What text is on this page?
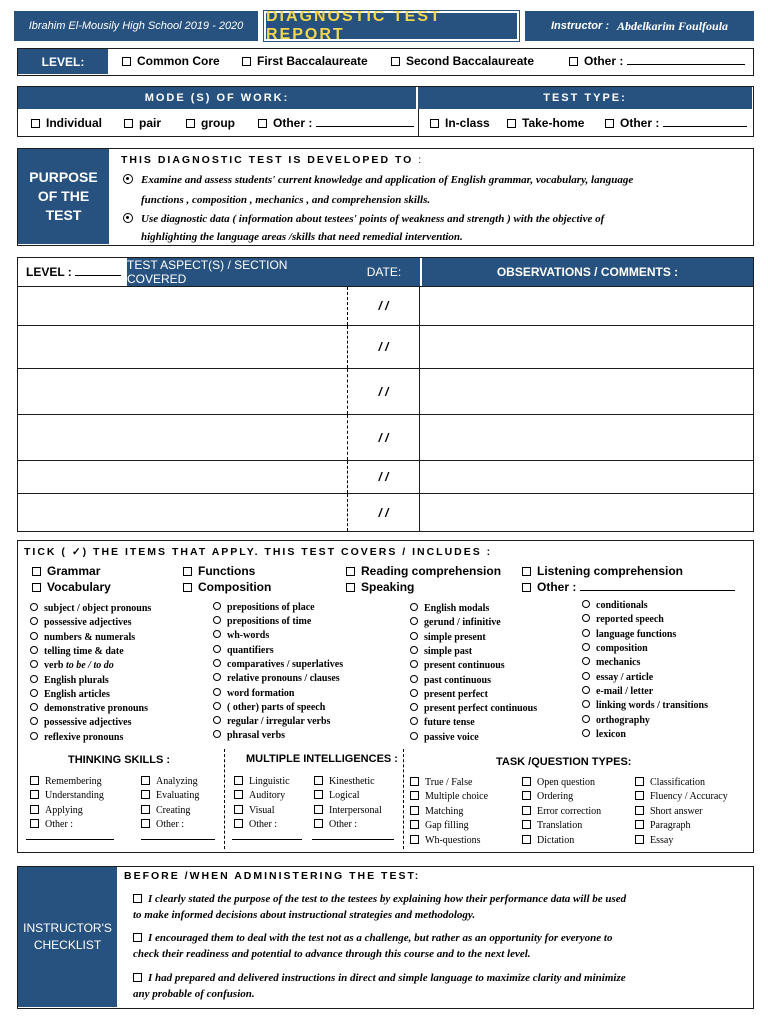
Ibrahim El-Mousily High School 2019 - 2020
DIAGNOSTIC TEST REPORT	Instructor : Abdelkarim Foulfoula
LEVEL:	Common Core	First Baccalaureate	Second Baccalaureate	Other :
MODE (S) OF WORK:	TEST TYPE:
Individual	pair	group	Other :	In-class	Take-home	Other :
PURPOSE
OF THE
TEST
THIS DIAGNOSTIC TEST IS DEVELOPED TO :
Examine and assess students' current knowledge and application of English grammar, vocabulary, language
functions , composition , mechanics , and comprehension skills.
Use diagnostic data ( information about testees' points of weakness and strength ) with the objective of
highlighting the language areas /skills that need remedial intervention.
LEVEL :	TEST ASPECT(S) / SECTION COVERED	DATE:	OBSERVATIONS / COMMENTS :
/ /
/ /
/ /
/ /
/ /
/ /
TICK ( ✓) THE ITEMS THAT APPLY. THIS TEST COVERS / INCLUDES :
Grammar
Vocabulary
Functions
Composition
Reading comprehension
Speaking
Listening comprehension
Other :
subject / object pronouns
possessive adjectives
numbers & numerals
telling time & date
verb to be / to do
English plurals
English articles
demonstrative pronouns
possessive adjectives
reflexive pronouns
prepositions of place
prepositions of time
wh-words
quantifiers
comparatives / superlatives
relative pronouns / clauses
word formation
( other) parts of speech
regular / irregular verbs
phrasal verbs
English modals
gerund / infinitive
simple present
simple past
present continuous
past continuous
present perfect
present perfect continuous
future tense
passive voice
conditionals
reported speech
language functions
composition
mechanics
essay / article
e-mail / letter
linking words / transitions
orthography
lexicon
THINKING SKILLS :
Remembering
Understanding
Applying
Other :
Analyzing
Evaluating
Creating
Other :
MULTIPLE INTELLIGENCES :
Linguistic
Auditory
Visual
Other :
Kinesthetic
Logical
Interpersonal
Other :
TASK /QUESTION TYPES:
True / False
Multiple choice
Matching
Gap filling
Wh-questions
Open question
Ordering
Error correction
Translation
Dictation
Classification
Fluency / Accuracy
Short answer
Paragraph
Essay
INSTRUCTOR'S
CHECKLIST
BEFORE /WHEN ADMINISTERING THE TEST:
I clearly stated the purpose of the test to the testees by explaining how their performance data will be used
to make informed decisions about instructional strategies and methodology.
I encouraged them to deal with the test not as a challenge, but rather as an opportunity for everyone to
check their readiness and potential to advance through this course and to the next level.
I had prepared and delivered instructions in direct and simple language to maximize clarity and minimize
any probable of confusion.
